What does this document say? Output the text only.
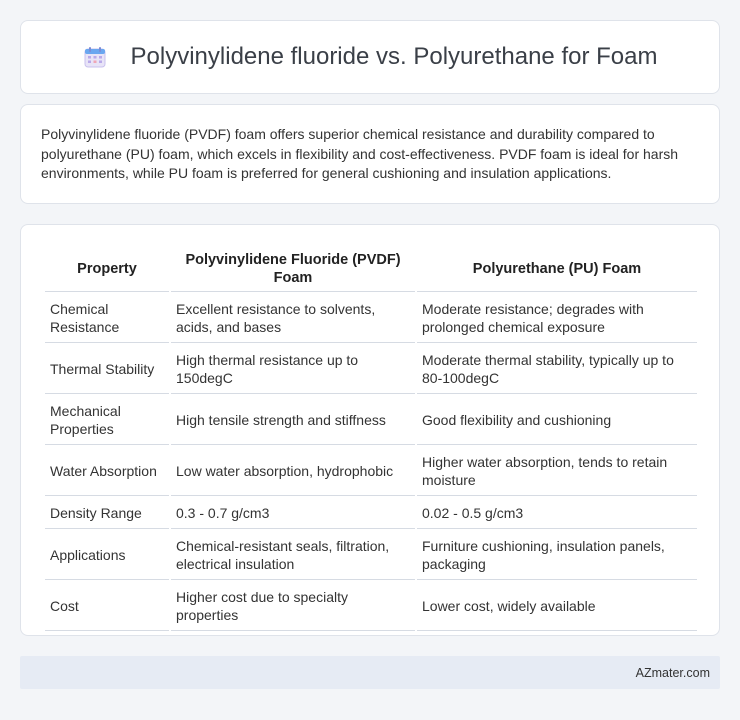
Polyvinylidene fluoride vs. Polyurethane for Foam

Polyvinylidene fluoride (PVDF) foam offers superior chemical resistance and durability compared to polyurethane (PU) foam, which excels in flexibility and cost-effectiveness. PVDF foam is ideal for harsh environments, while PU foam is preferred for general cushioning and insulation applications.

Property	Polyvinylidene Fluoride (PVDF) Foam	Polyurethane (PU) Foam
Chemical Resistance	Excellent resistance to solvents, acids, and bases	Moderate resistance; degrades with prolonged chemical exposure
Thermal Stability	High thermal resistance up to 150degC	Moderate thermal stability, typically up to 80-100degC
Mechanical Properties	High tensile strength and stiffness	Good flexibility and cushioning
Water Absorption	Low water absorption, hydrophobic	Higher water absorption, tends to retain moisture
Density Range	0.3 - 0.7 g/cm3	0.02 - 0.5 g/cm3
Applications	Chemical-resistant seals, filtration, electrical insulation	Furniture cushioning, insulation panels, packaging
Cost	Higher cost due to specialty properties	Lower cost, widely available
AZmater.com
